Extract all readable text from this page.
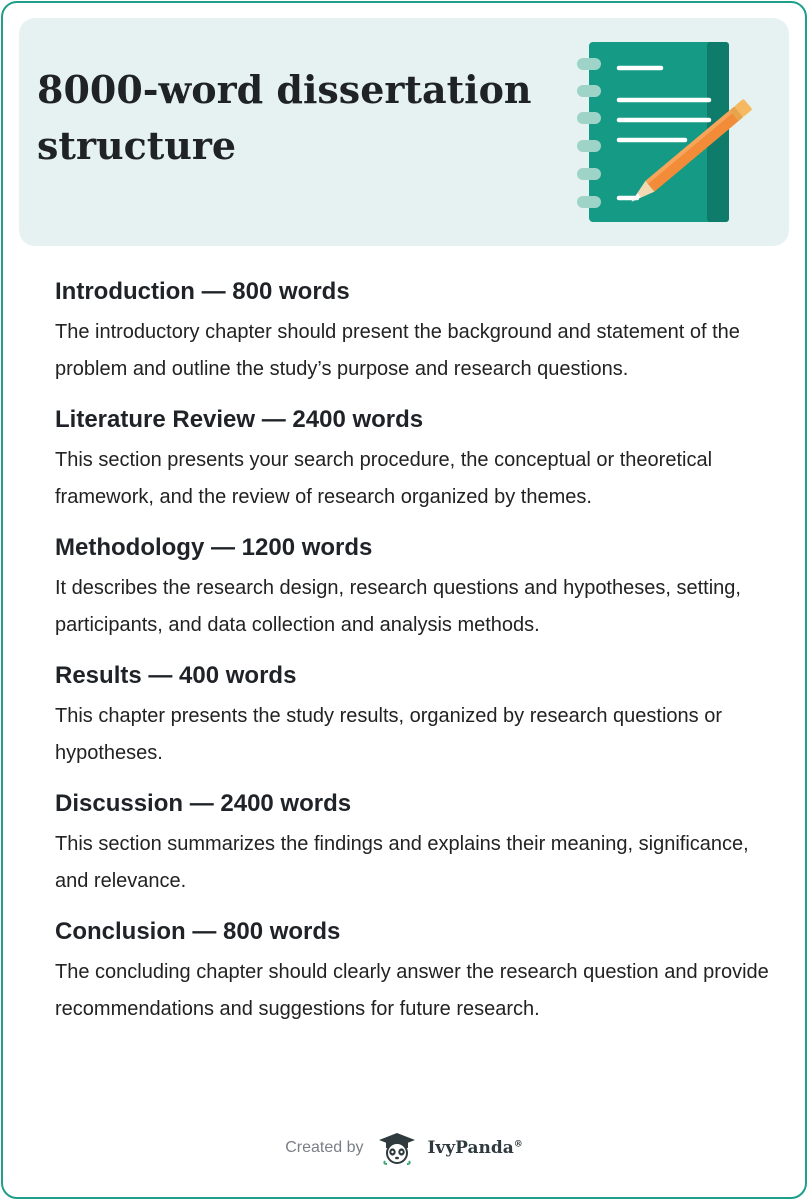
8000-word dissertation structure
Introduction — 800 words

The introductory chapter should present the background and statement of the problem and outline the study’s purpose and research questions.

Literature Review — 2400 words

This section presents your search procedure, the conceptual or theoretical framework, and the review of research organized by themes.

Methodology — 1200 words

It describes the research design, research questions and hypotheses, setting, participants, and data collection and analysis methods.

Results — 400 words

This chapter presents the study results, organized by research questions or hypotheses.

Discussion — 2400 words

This section summarizes the findings and explains their meaning, significance, and relevance.

Conclusion — 800 words

The concluding chapter should clearly answer the research question and provide recommendations and suggestions for future research.

Created by	IvyPanda®
